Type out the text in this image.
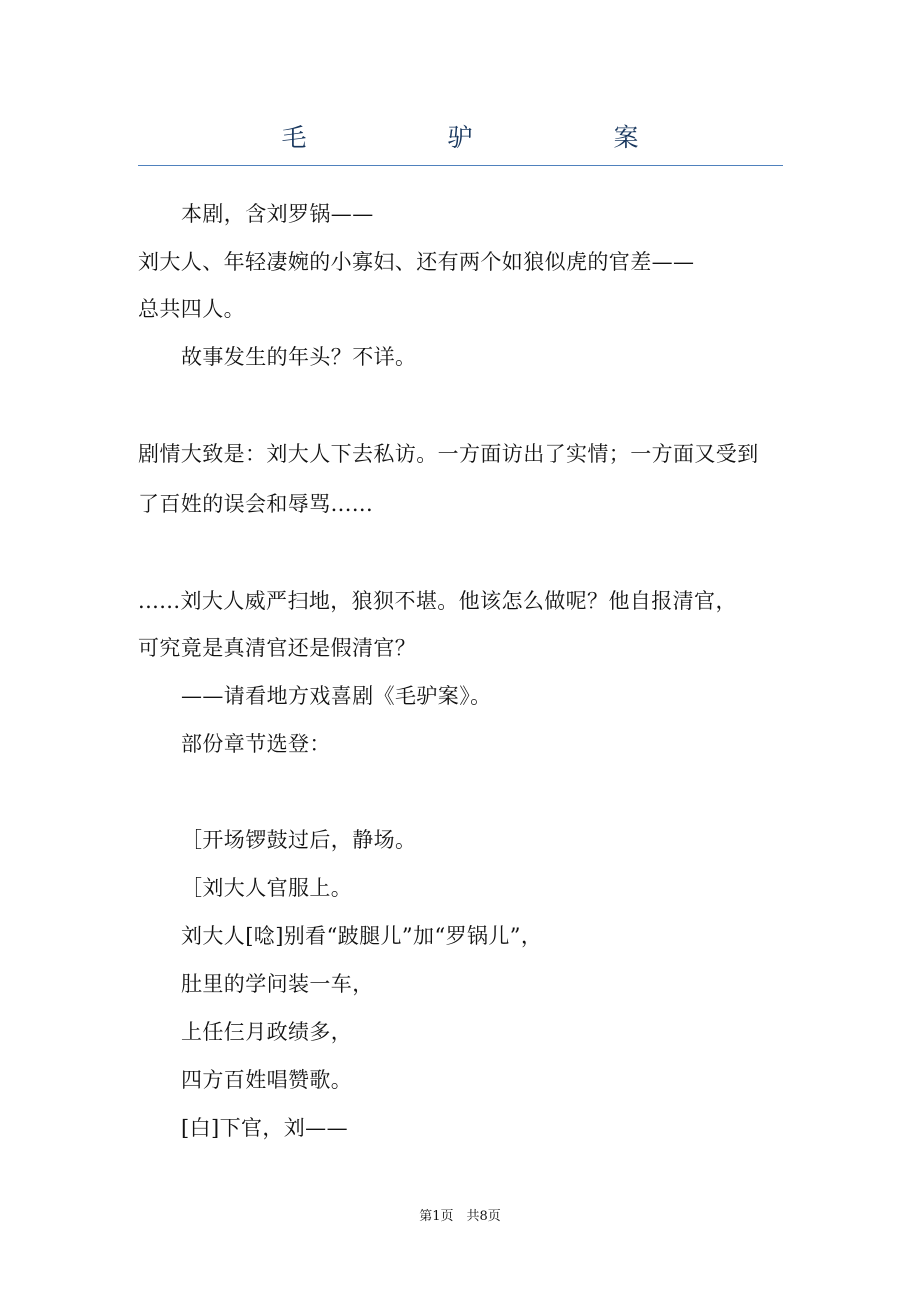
毛　驴　案
本剧，含刘罗锅——
刘大人、年轻凄婉的小寡妇、还有两个如狼似虎的官差——
总共四人。
故事发生的年头？不详。
剧情大致是：刘大人下去私访。一方面访出了实情；一方面又受到
了百姓的误会和辱骂......
......刘大人威严扫地，狼狈不堪。他该怎么做呢？他自报清官，
可究竟是真清官还是假清官？
——请看地方戏喜剧《毛驴案》。
部份章节选登：
［开场锣鼓过后，静场。
［刘大人官服上。
刘大人[唸]别看“跛腿儿”加“罗锅儿”，
肚里的学问装一车，
上任仨月政绩多，
四方百姓唱赞歌。
[白]下官，刘——
第1页　共8页
